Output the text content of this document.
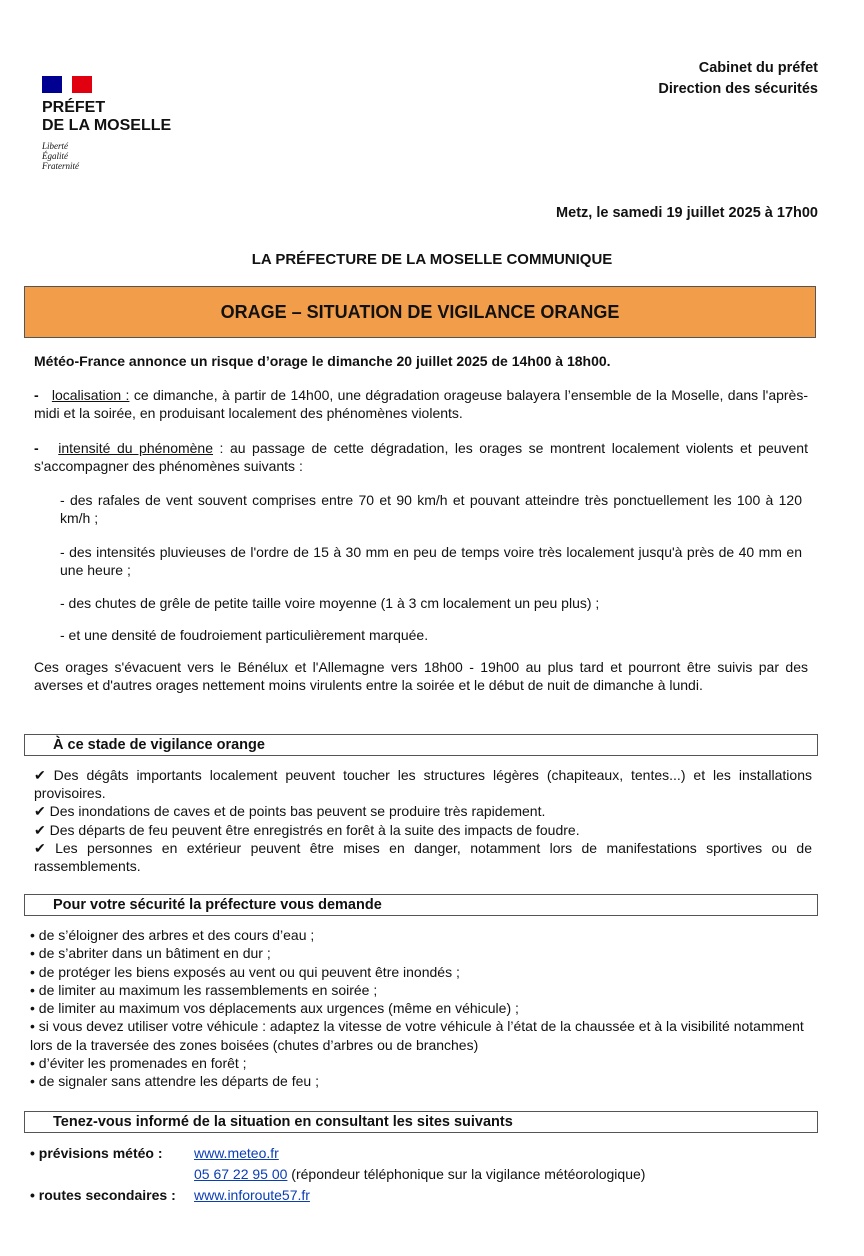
PRÉFET
DE LA MOSELLE
Liberté
Égalité
Fraternité
Cabinet du préfet
Direction des sécurités
Metz, le samedi 19 juillet 2025 à 17h00
LA PRÉFECTURE DE LA MOSELLE COMMUNIQUE
ORAGE – SITUATION DE VIGILANCE ORANGE
Météo-France annonce un risque d’orage le dimanche 20 juillet 2025 de 14h00 à 18h00.
- localisation : ce dimanche, à partir de 14h00, une dégradation orageuse balayera l’ensemble de la Moselle, dans l'après-midi et la soirée, en produisant localement des phénomènes violents.
- intensité du phénomène : au passage de cette dégradation, les orages se montrent localement violents et peuvent s'accompagner des phénomènes suivants :
- des rafales de vent souvent comprises entre 70 et 90 km/h et pouvant atteindre très ponctuellement les 100 à 120 km/h ;
- des intensités pluvieuses de l'ordre de 15 à 30 mm en peu de temps voire très localement jusqu'à près de 40 mm en une heure ;
- des chutes de grêle de petite taille voire moyenne (1 à 3 cm localement un peu plus) ;
- et une densité de foudroiement particulièrement marquée.
Ces orages s'évacuent vers le Bénélux et l'Allemagne vers 18h00 - 19h00 au plus tard et pourront être suivis par des averses et d'autres orages nettement moins virulents entre la soirée et le début de nuit de dimanche à lundi.
À ce stade de vigilance orange
✔ Des dégâts importants localement peuvent toucher les structures légères (chapiteaux, tentes...) et les installations provisoires.
✔ Des inondations de caves et de points bas peuvent se produire très rapidement.
✔ Des départs de feu peuvent être enregistrés en forêt à la suite des impacts de foudre.
✔ Les personnes en extérieur peuvent être mises en danger, notamment lors de manifestations sportives ou de rassemblements.
Pour votre sécurité la préfecture vous demande
• de s’éloigner des arbres et des cours d’eau ;
• de s’abriter dans un bâtiment en dur ;
• de protéger les biens exposés au vent ou qui peuvent être inondés ;
• de limiter au maximum les rassemblements en soirée ;
• de limiter au maximum vos déplacements aux urgences (même en véhicule) ;
• si vous devez utiliser votre véhicule : adaptez la vitesse de votre véhicule à l’état de la chaussée et à la visibilité notamment lors de la traversée des zones boisées (chutes d’arbres ou de branches)
• d’éviter les promenades en forêt ;
• de signaler sans attendre les départs de feu ;
Tenez-vous informé de la situation en consultant les sites suivants
• prévisions météo :	www.meteo.fr
05 67 22 95 00 (répondeur téléphonique sur la vigilance météorologique)
• routes secondaires :	www.inforoute57.fr
